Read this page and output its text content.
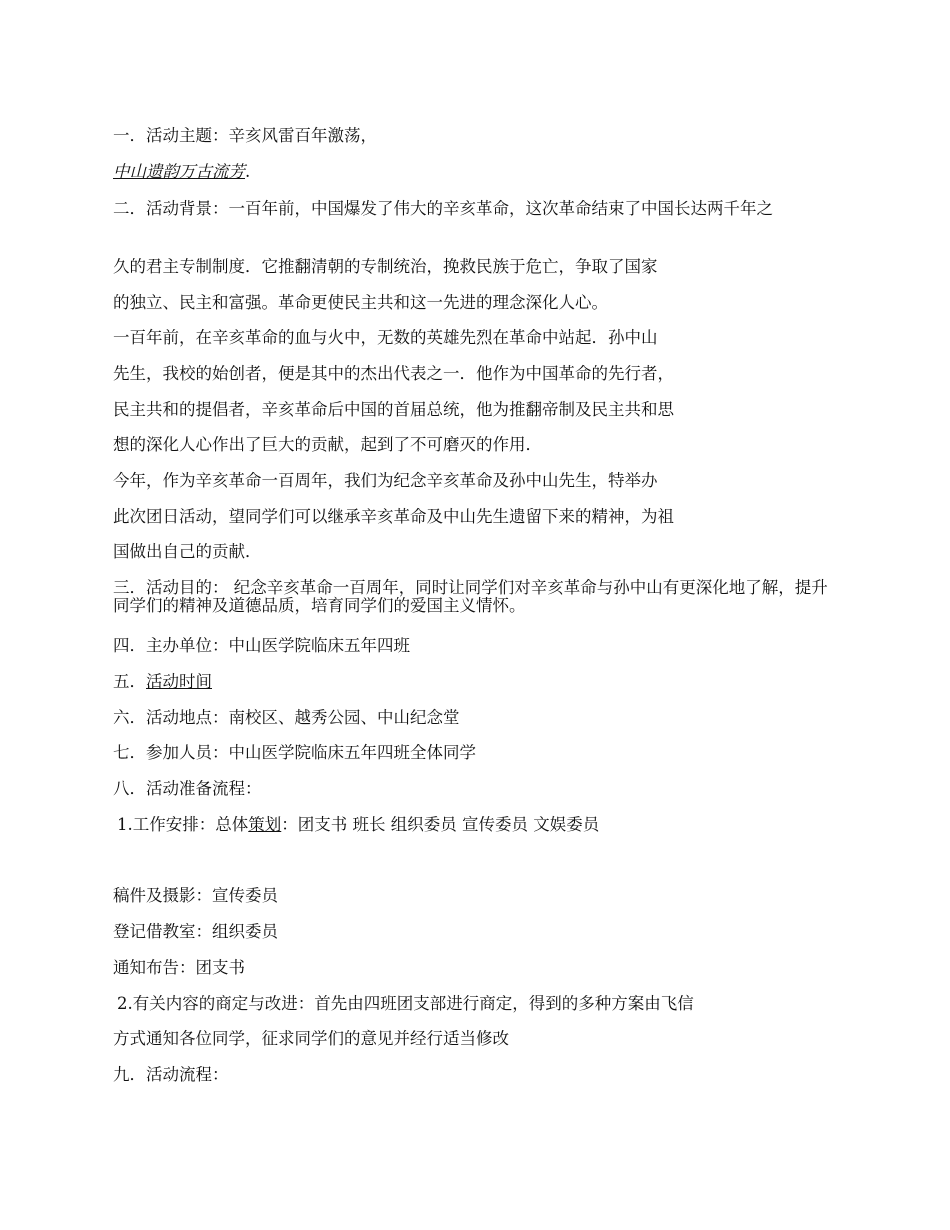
一．活动主题：辛亥风雷百年激荡，
中山遗韵万古流芳.
二．活动背景：一百年前，中国爆发了伟大的辛亥革命，这次革命结束了中国长达两千年之
久的君主专制制度．它推翻清朝的专制统治，挽救民族于危亡，争取了国家
的独立、民主和富强。革命更使民主共和这一先进的理念深化人心。
一百年前，在辛亥革命的血与火中，无数的英雄先烈在革命中站起．孙中山
先生，我校的始创者，便是其中的杰出代表之一．他作为中国革命的先行者，
民主共和的提倡者，辛亥革命后中国的首届总统，他为推翻帝制及民主共和思
想的深化人心作出了巨大的贡献，起到了不可磨灭的作用．
今年，作为辛亥革命一百周年，我们为纪念辛亥革命及孙中山先生，特举办
此次团日活动，望同学们可以继承辛亥革命及中山先生遗留下来的精神，为祖
国做出自己的贡献．
三．活动目的： 纪念辛亥革命一百周年，同时让同学们对辛亥革命与孙中山有更深化地了解，提升同学们的精神及道德品质，培育同学们的爱国主义情怀。
四．主办单位：中山医学院临床五年四班
五．活动时间
六．活动地点：南校区、越秀公园、中山纪念堂
七．参加人员：中山医学院临床五年四班全体同学
八．活动准备流程：
1.工作安排：总体策划：团支书 班长 组织委员 宣传委员 文娱委员
稿件及摄影：宣传委员
登记借教室：组织委员
通知布告：团支书
2.有关内容的商定与改进：首先由四班团支部进行商定，得到的多种方案由飞信
方式通知各位同学，征求同学们的意见并经行适当修改
九．活动流程：
